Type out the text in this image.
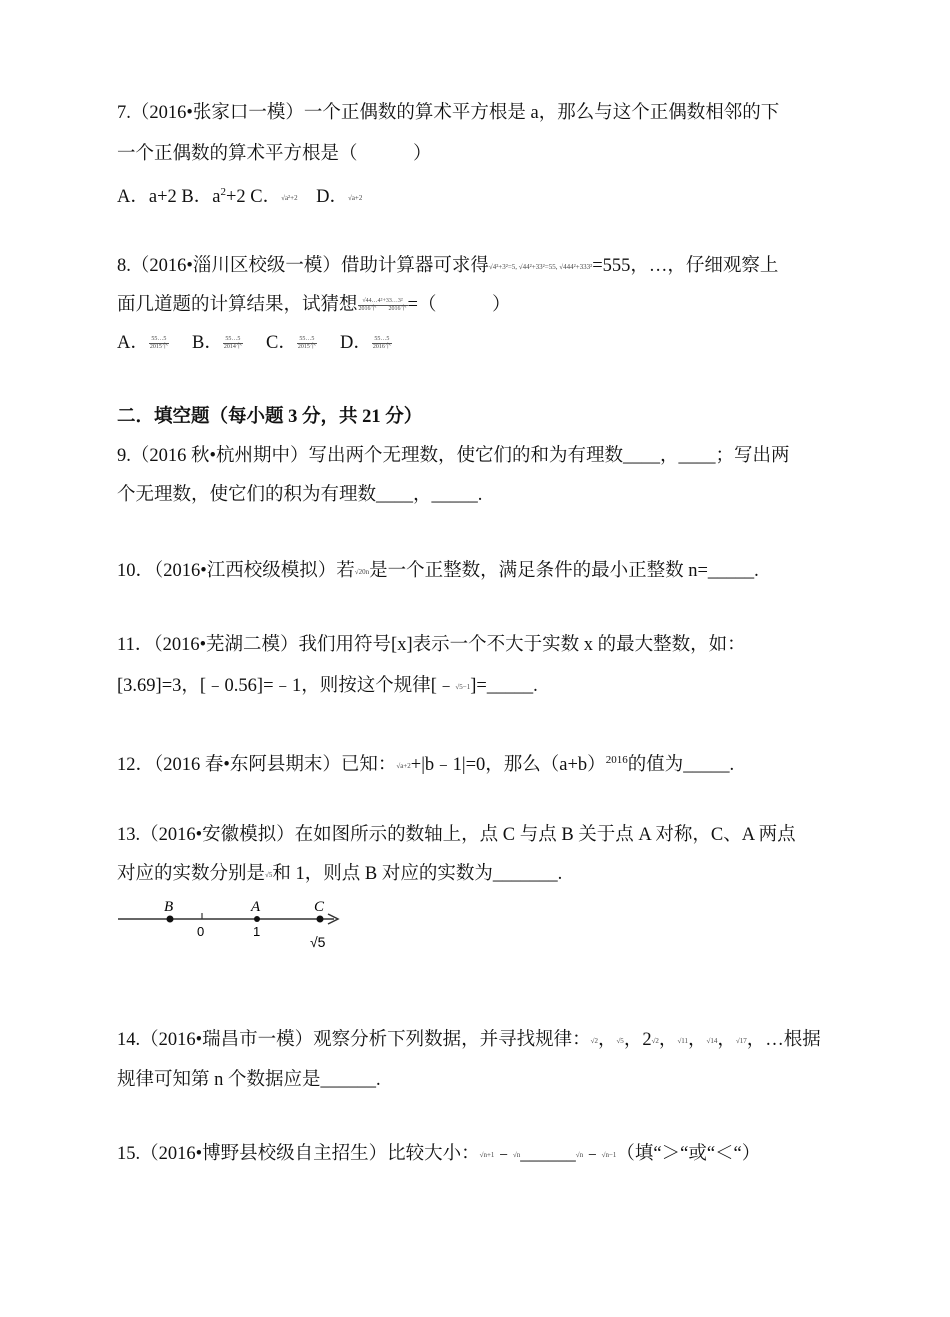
7.（2016•张家口一模）一个正偶数的算术平方根是 a，那么与这个正偶数相邻的下
一个正偶数的算术平方根是（　　　）
A．a+2 B．$a^2+2$ C．√a²+2 D．√a+2
8.（2016•淄川区校级一模）借助计算器可求得√4²+3²=5, √44²+33²=55, √444²+333²=555，…，仔细观察上
面几道题的计算结果，试猜想 $\frac{\text{√44…4²+33…3²}}{\text{2016个　　2016个}}$ =（　　　）
A． $\frac{55\dots 5}{\text{2015个}}$ B． $\frac{55\dots 5}{\text{2014个}}$ C． $\frac{55\dots 5}{\text{2015个}}$ D． $\frac{55\dots 5}{\text{2016个}}$
二．填空题（每小题 3 分，共 21 分）
9.（2016 秋•杭州期中）写出两个无理数，使它们的和为有理数____，____；写出两
个无理数，使它们的积为有理数____，_____.
10．（2016•江西校级模拟）若√20n是一个正整数，满足条件的最小正整数 n=_____.
11．（2016•芜湖二模）我们用符号[x]表示一个不大于实数 x 的最大整数，如：
[3.69]=3，[﹣0.56]=﹣1，则按这个规律[﹣√5−1]=_____.
12．（2016 春•东阿县期末）已知：√a+2+|b﹣1|=0，那么$(a+b)^{2016}$的值为_____.
13.（2016•安徽模拟）在如图所示的数轴上，点 C 与点 B 关于点 A 对称，C、A 两点
对应的实数分别是√5和 1，则点 B 对应的实数为_______.
B	A	C
0	1
√5
14.（2016•瑞昌市一模）观察分析下列数据，并寻找规律：√2，√5，2√2，√11，√14，√17，…根据
规律可知第 n 个数据应是______.
15.（2016•博野县校级自主招生）比较大小：√n+1﹣√n______√n﹣√n−1（填“＞“或“＜“）
